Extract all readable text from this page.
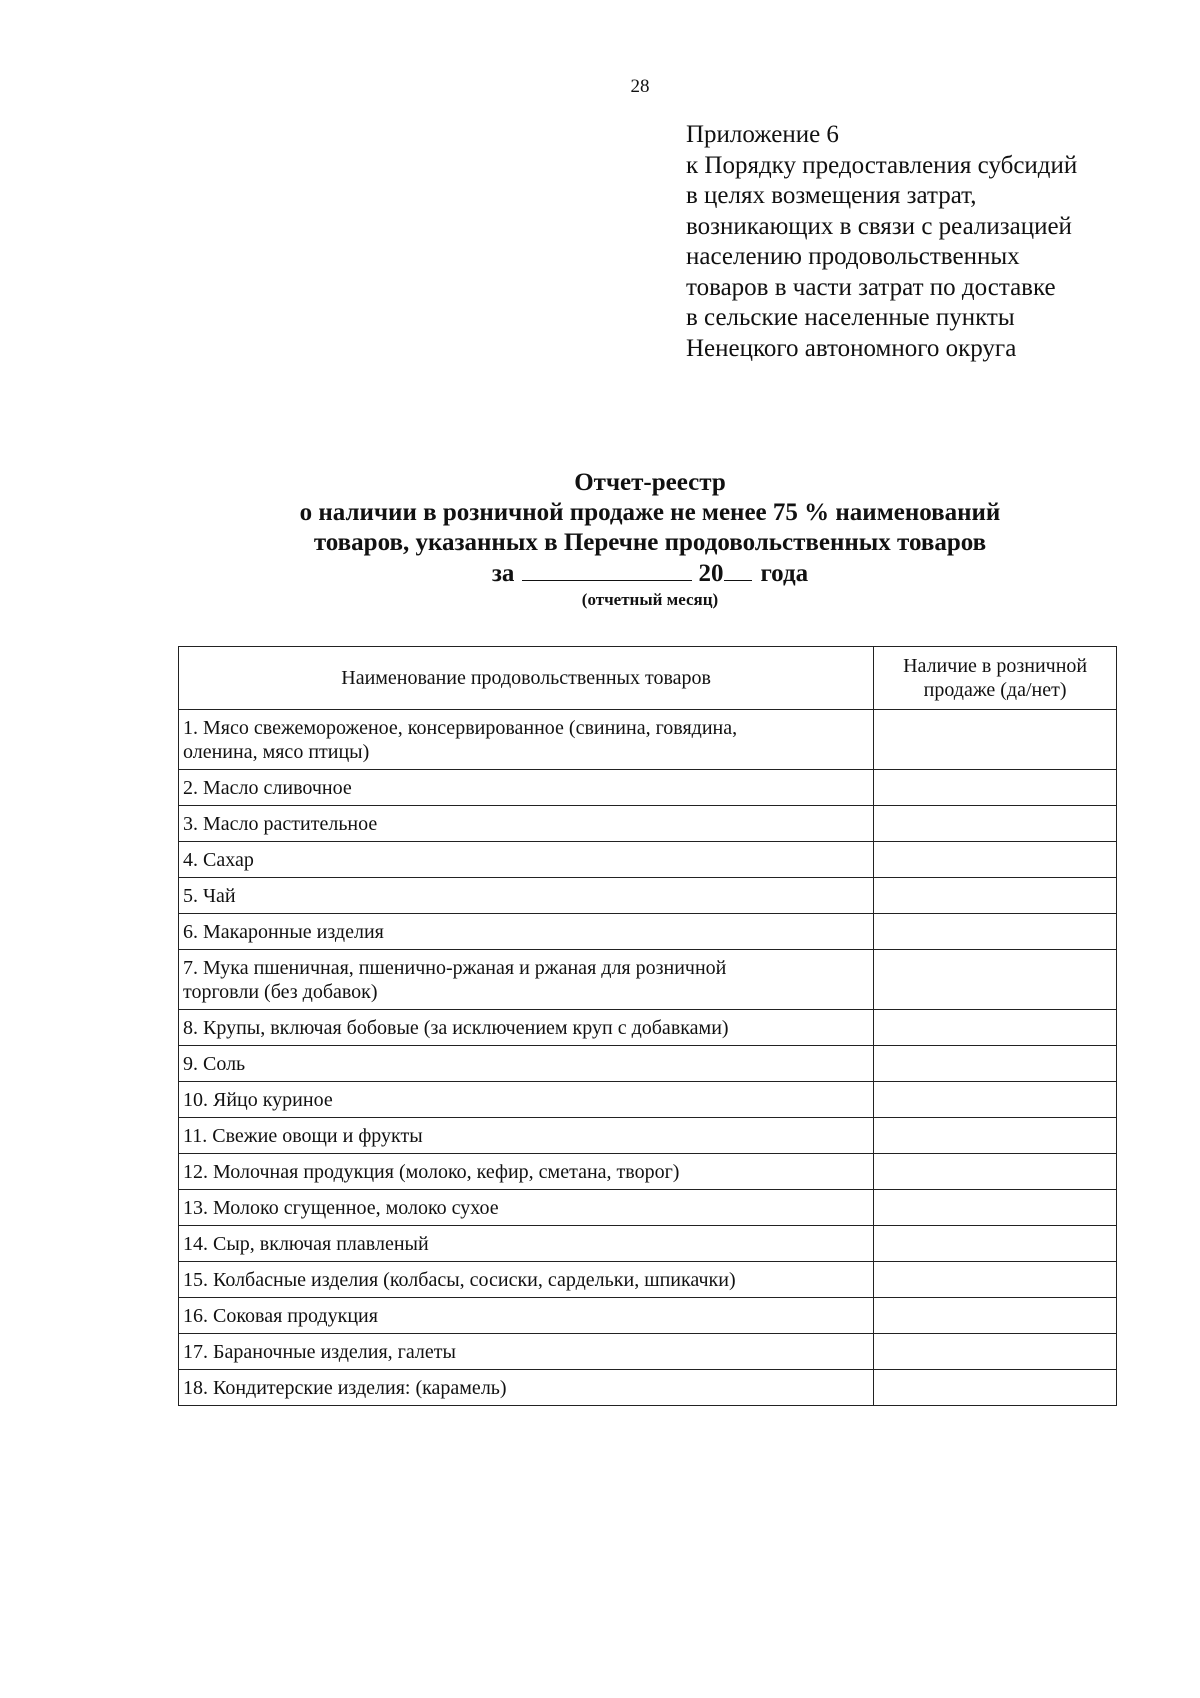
28
Приложение 6
к Порядку предоставления субсидий
в целях возмещения затрат,
возникающих в связи с реализацией
населению продовольственных
товаров в части затрат по доставке
в сельские населенные пункты
Ненецкого автономного округа
Отчет-реестр
о наличии в розничной продаже не менее 75 % наименований
товаров, указанных в Перечне продовольственных товаров
за	20 года
(отчетный месяц)
Наименование продовольственных товаров	Наличие в розничной
продаже (да/нет)
1. Мясо свежемороженое, консервированное (свинина, говядина,
оленина, мясо птицы)	
2. Масло сливочное	
3. Масло растительное	
4. Сахар	
5. Чай	
6. Макаронные изделия	
7. Мука пшеничная, пшенично-ржаная и ржаная для розничной
торговли (без добавок)	
8. Крупы, включая бобовые (за исключением круп с добавками)	
9. Соль	
10. Яйцо куриное	
11. Свежие овощи и фрукты	
12. Молочная продукция (молоко, кефир, сметана, творог)	
13. Молоко сгущенное, молоко сухое	
14. Сыр, включая плавленый	
15. Колбасные изделия (колбасы, сосиски, сардельки, шпикачки)	
16. Соковая продукция	
17. Бараночные изделия, галеты	
18. Кондитерские изделия: (карамель)	
